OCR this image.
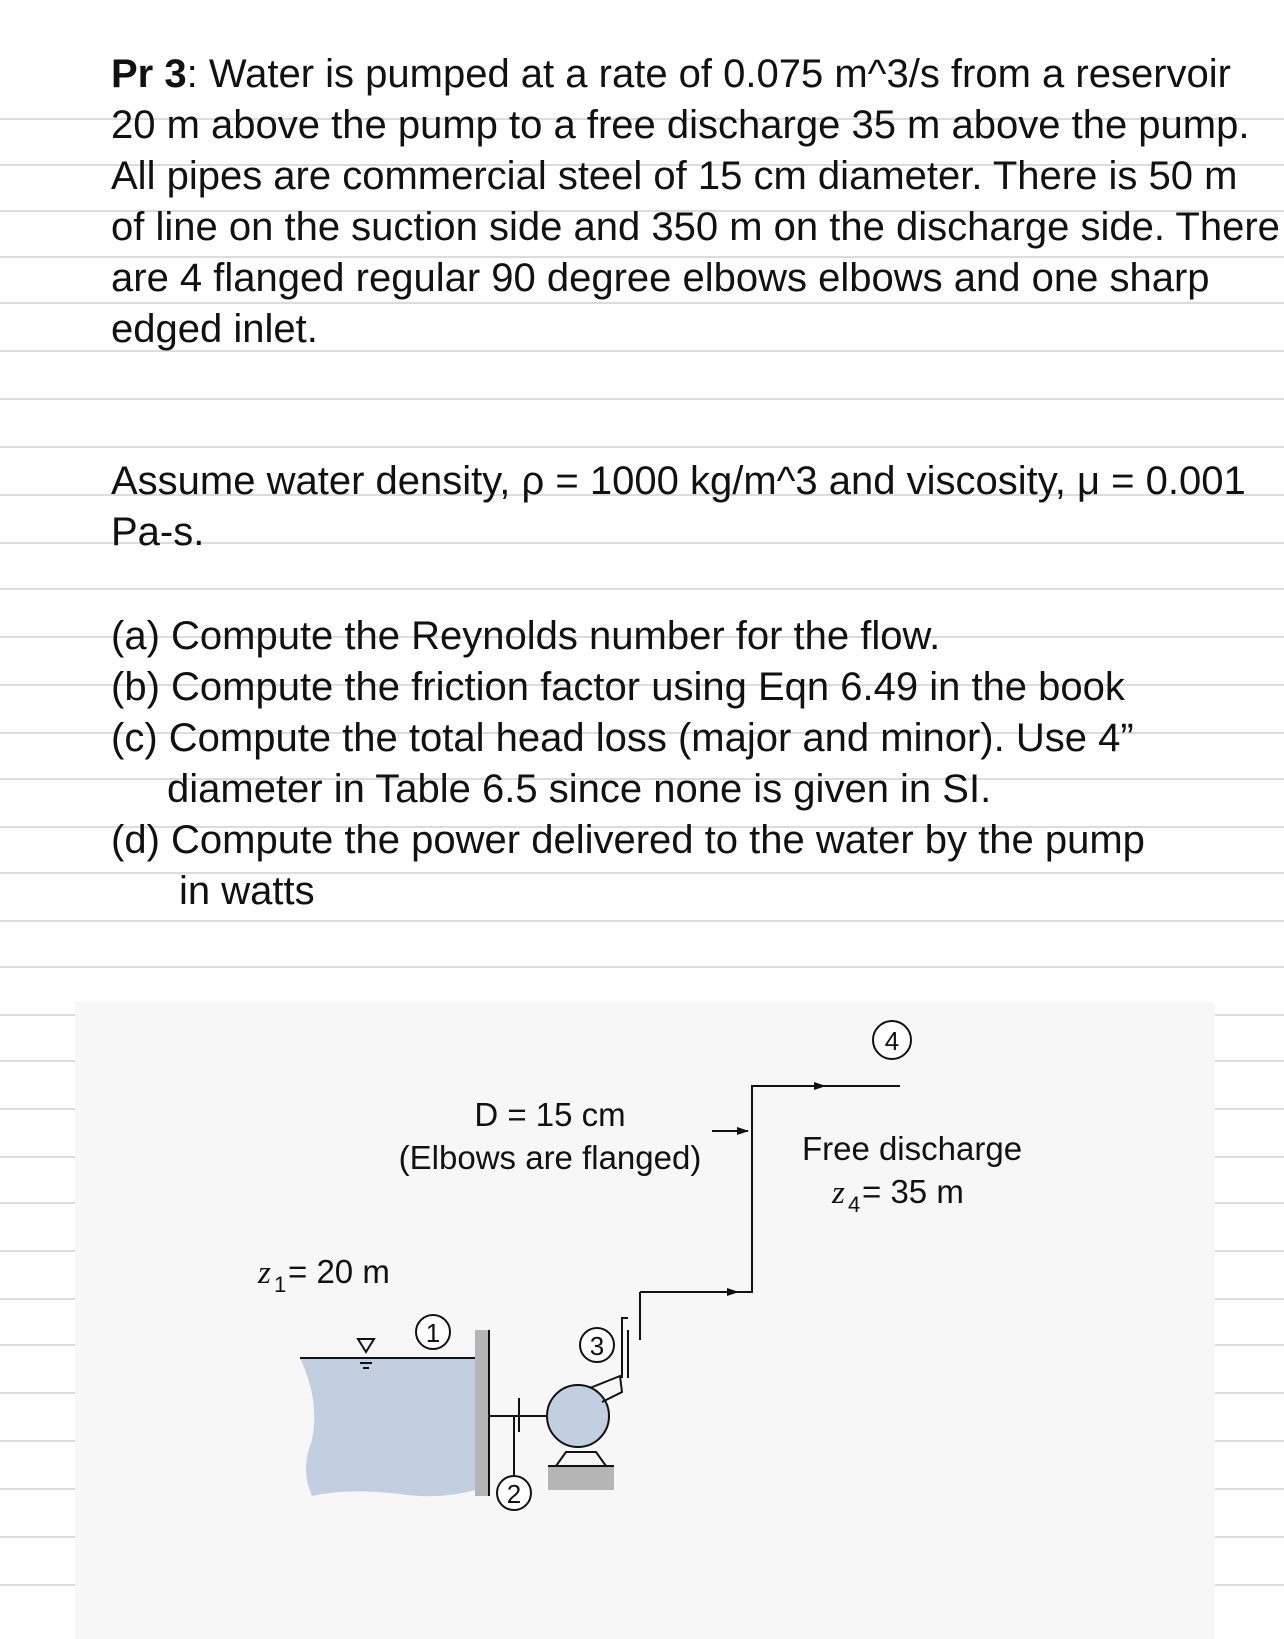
Pr 3: Water is pumped at a rate of 0.075 m^3/s from a reservoir 20 m above the pump to a free discharge 35 m above the pump. All pipes are commercial steel of 15 cm diameter. There is 50 m of line on the suction side and 350 m on the discharge side. There are 4 flanged regular 90 degree elbows elbows and one sharp edged inlet.

Assume water density, ρ = 1000 kg/m^3 and viscosity, μ = 0.001 Pa-s.

(a) Compute the Reynolds number for the flow.
(b) Compute the friction factor using Eqn 6.49 in the book
(c) Compute the total head loss (major and minor). Use 4”
diameter in Table 6.5 since none is given in SI.
(d) Compute the power delivered to the water by the pump
in watts
1
2
3
4
D = 15 cm
(Elbows are flanged)	Free discharge
z 4 = 35 m
z 1 = 20 m
